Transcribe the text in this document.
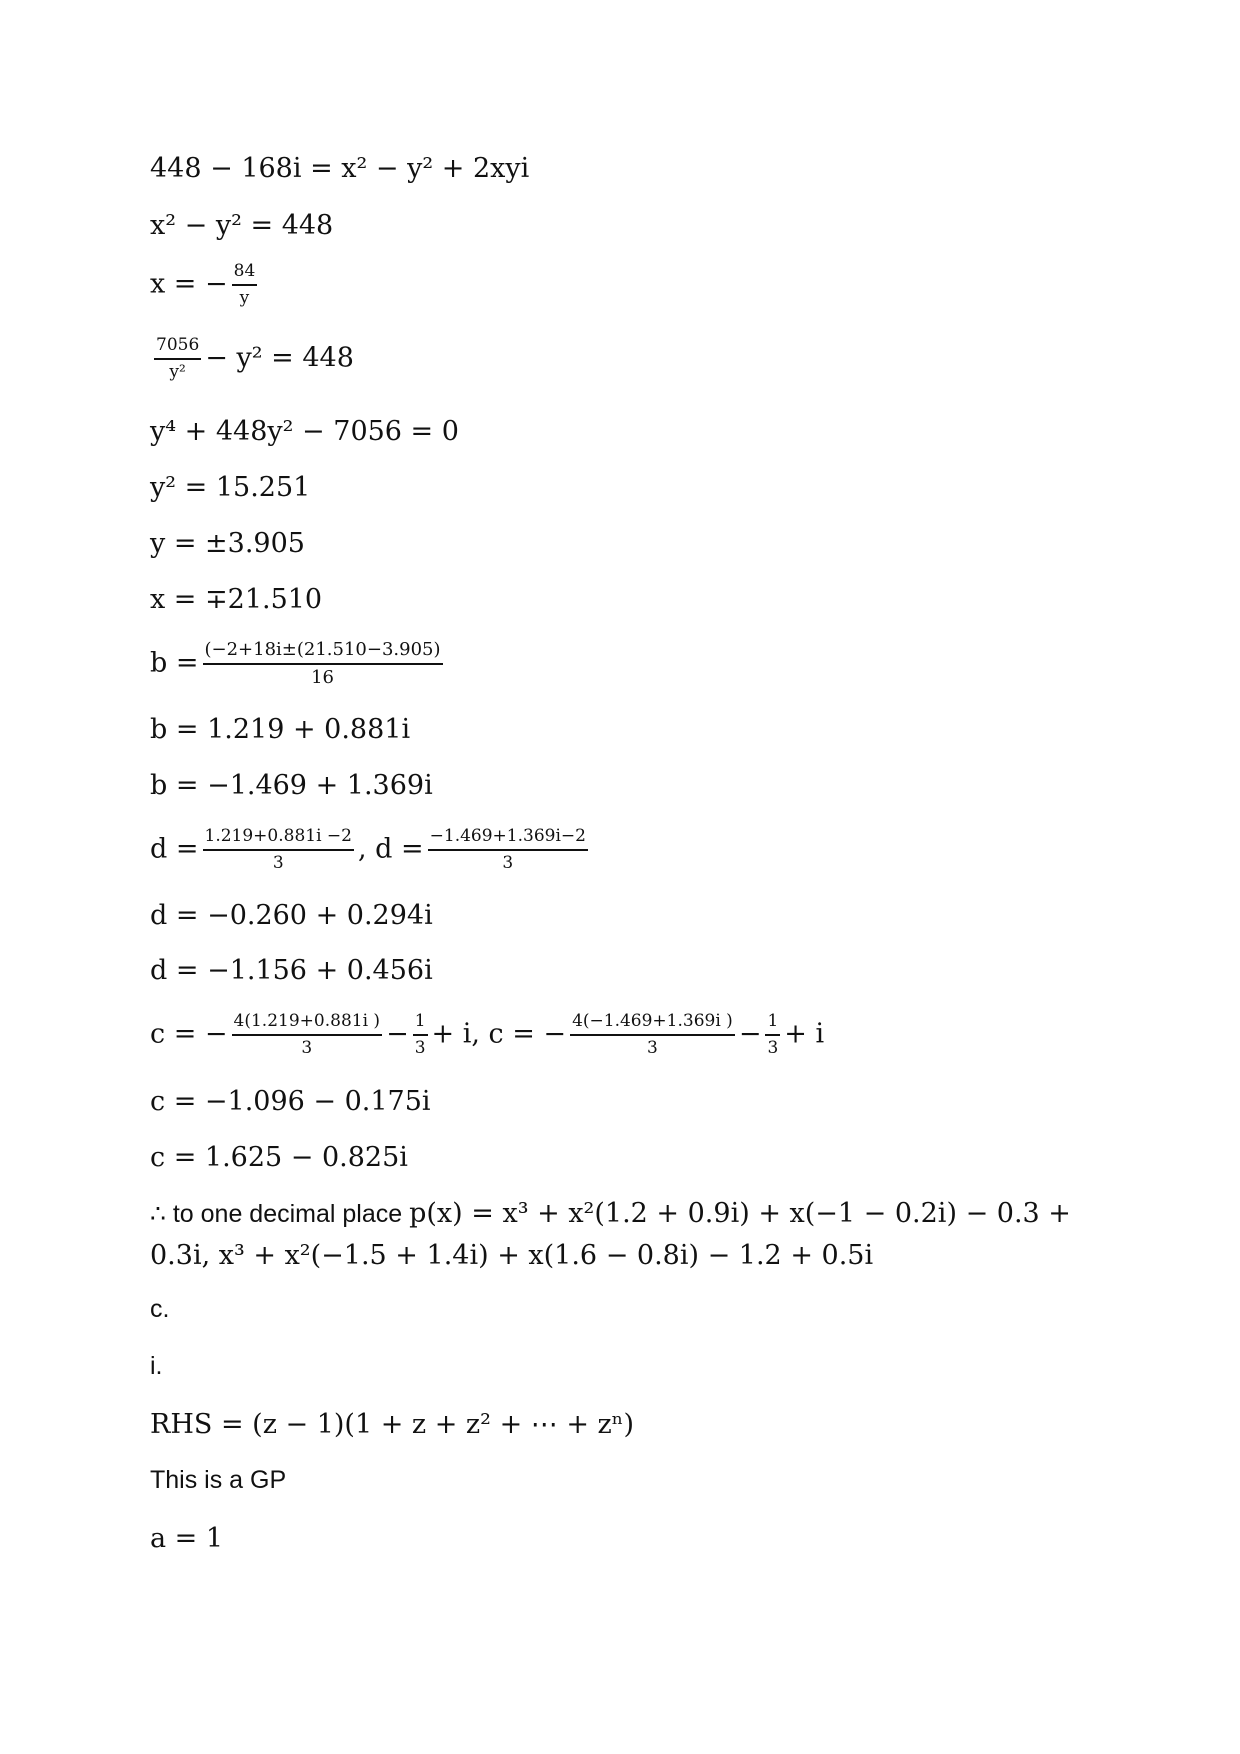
448 − 168i = x² − y² + 2xyi
x² − y² = 448
x = − $\frac{84}{y}$
$\frac{7056}{\text{y²}} - y^2 = 448$
y⁴ + 448y² − 7056 = 0
y² = 15.251
y = ±3.905
x = ∓21.510
$b = \frac{(-2+18i\pm(21.510-3.905)}{16}$
b = 1.219 + 0.881i
b = −1.469 + 1.369i
$d = \frac{1.219+0.881i -2}{3}$ , $d = \frac{-1.469+1.369i-2}{3}$
d = −0.260 + 0.294i
d = −1.156 + 0.456i
c = − $\frac{4(1.219+0.881i )}{3} - \frac{1}{3} + i$, c = − $\frac{4(-1.469+1.369i )}{3} - \frac{1}{3} + i$
c = −1.096 − 0.175i
c = 1.625 − 0.825i
∴ to one decimal place p(x) = x³ + x²(1.2 + 0.9i) + x(−1 − 0.2i) − 0.3 +
0.3i, x³ + x²(−1.5 + 1.4i) + x(1.6 − 0.8i) − 1.2 + 0.5i
c.
i.
RHS = (z − 1)(1 + z + z² + ⋯ + zⁿ)
This is a GP
a = 1
